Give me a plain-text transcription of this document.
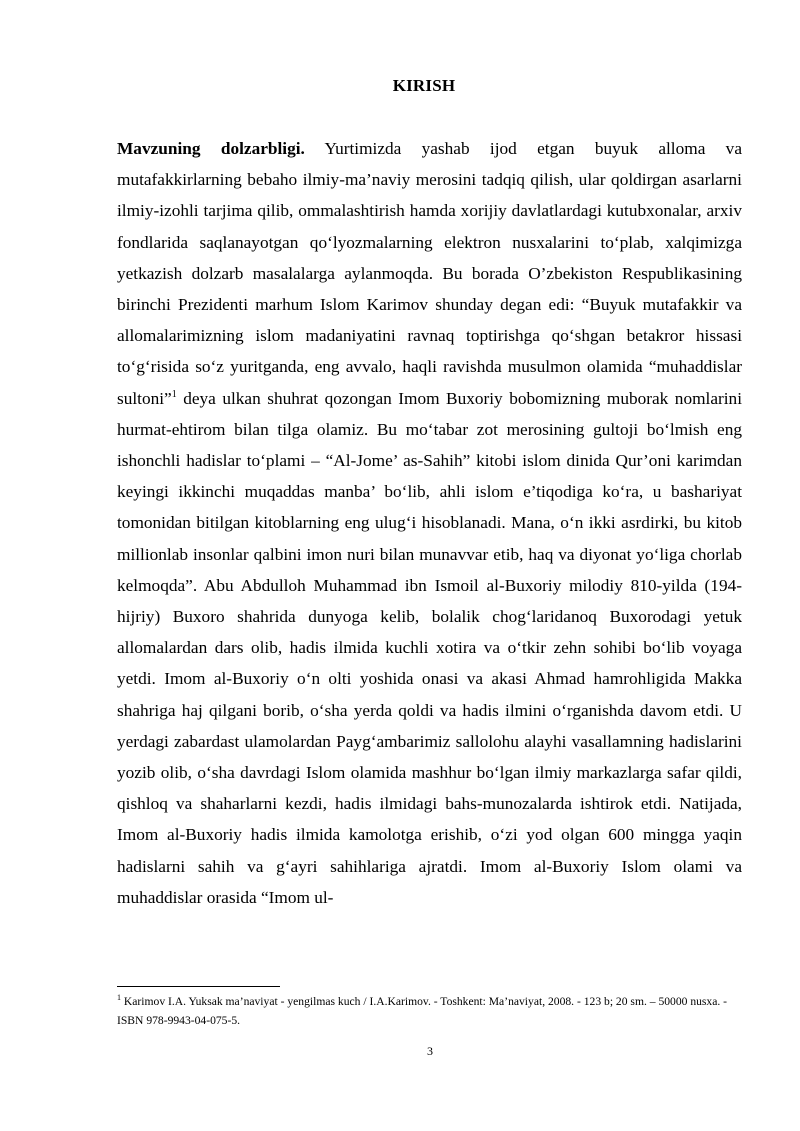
KIRISH
Mavzuning dolzarbligi. Yurtimizda yashab ijod etgan buyuk alloma va mutafakkirlarning bebaho ilmiy-ma’naviy merosini tadqiq qilish, ular qoldirgan asarlarni ilmiy-izohli tarjima qilib, ommalashtirish hamda xorijiy davlatlardagi kutubxonalar, arxiv fondlarida saqlanayotgan qo‘lyozmalarning elektron nusxalarini to‘plab, xalqimizga yetkazish dolzarb masalalarga aylanmoqda. Bu borada O’zbekiston Respublikasining birinchi Prezidenti marhum Islom Karimov shunday degan edi: “Buyuk mutafakkir va allomalarimizning islom madaniyatini ravnaq toptirishga qo‘shgan betakror hissasi to‘g‘risida so‘z yuritganda, eng avvalo, haqli ravishda musulmon olamida “muhaddislar sultoni”$^1$ deya ulkan shuhrat qozongan Imom Buxoriy bobomizning muborak nomlarini hurmat-ehtirom bilan tilga olamiz. Bu mo‘tabar zot merosining gultoji bo‘lmish eng ishonchli hadislar to‘plami – “Al-Jome’ as-Sahih” kitobi islom dinida Qur’oni karimdan keyingi ikkinchi muqaddas manba’ bo‘lib, ahli islom e’tiqodiga ko‘ra, u bashariyat tomonidan bitilgan kitoblarning eng ulug‘i hisoblanadi. Mana, o‘n ikki asrdirki, bu kitob millionlab insonlar qalbini imon nuri bilan munavvar etib, haq va diyonat yo‘liga chorlab kelmoqda”. Abu Abdulloh Muhammad ibn Ismoil al-Buxoriy milodiy 810-yilda (194-hijriy) Buxoro shahrida dunyoga kelib, bolalik chog‘laridanoq Buxorodagi yetuk allomalardan dars olib, hadis ilmida kuchli xotira va o‘tkir zehn sohibi bo‘lib voyaga yetdi. Imom al-Buxoriy o‘n olti yoshida onasi va akasi Ahmad hamrohligida Makka shahriga haj qilgani borib, o‘sha yerda qoldi va hadis ilmini o‘rganishda davom etdi. U yerdagi zabardast ulamolardan Payg‘ambarimiz sallolohu alayhi vasallamning hadislarini yozib olib, o‘sha davrdagi Islom olamida mashhur bo‘lgan ilmiy markazlarga safar qildi, qishloq va shaharlarni kezdi, hadis ilmidagi bahs-munozalarda ishtirok etdi. Natijada, Imom al-Buxoriy hadis ilmida kamolotga erishib, o‘zi yod olgan 600 mingga yaqin hadislarni sahih va g‘ayri sahihlariga ajratdi. Imom al-Buxoriy Islom olami va muhaddislar orasida “Imom ul-
$^1$ Karimov I.A. Yuksak ma’naviyat - yengilmas kuch / I.A.Karimov. - Toshkent: Ma’naviyat, 2008. - 123 b; 20 sm. – 50000 nusxa. - ISBN 978-9943-04-075-5.
3
